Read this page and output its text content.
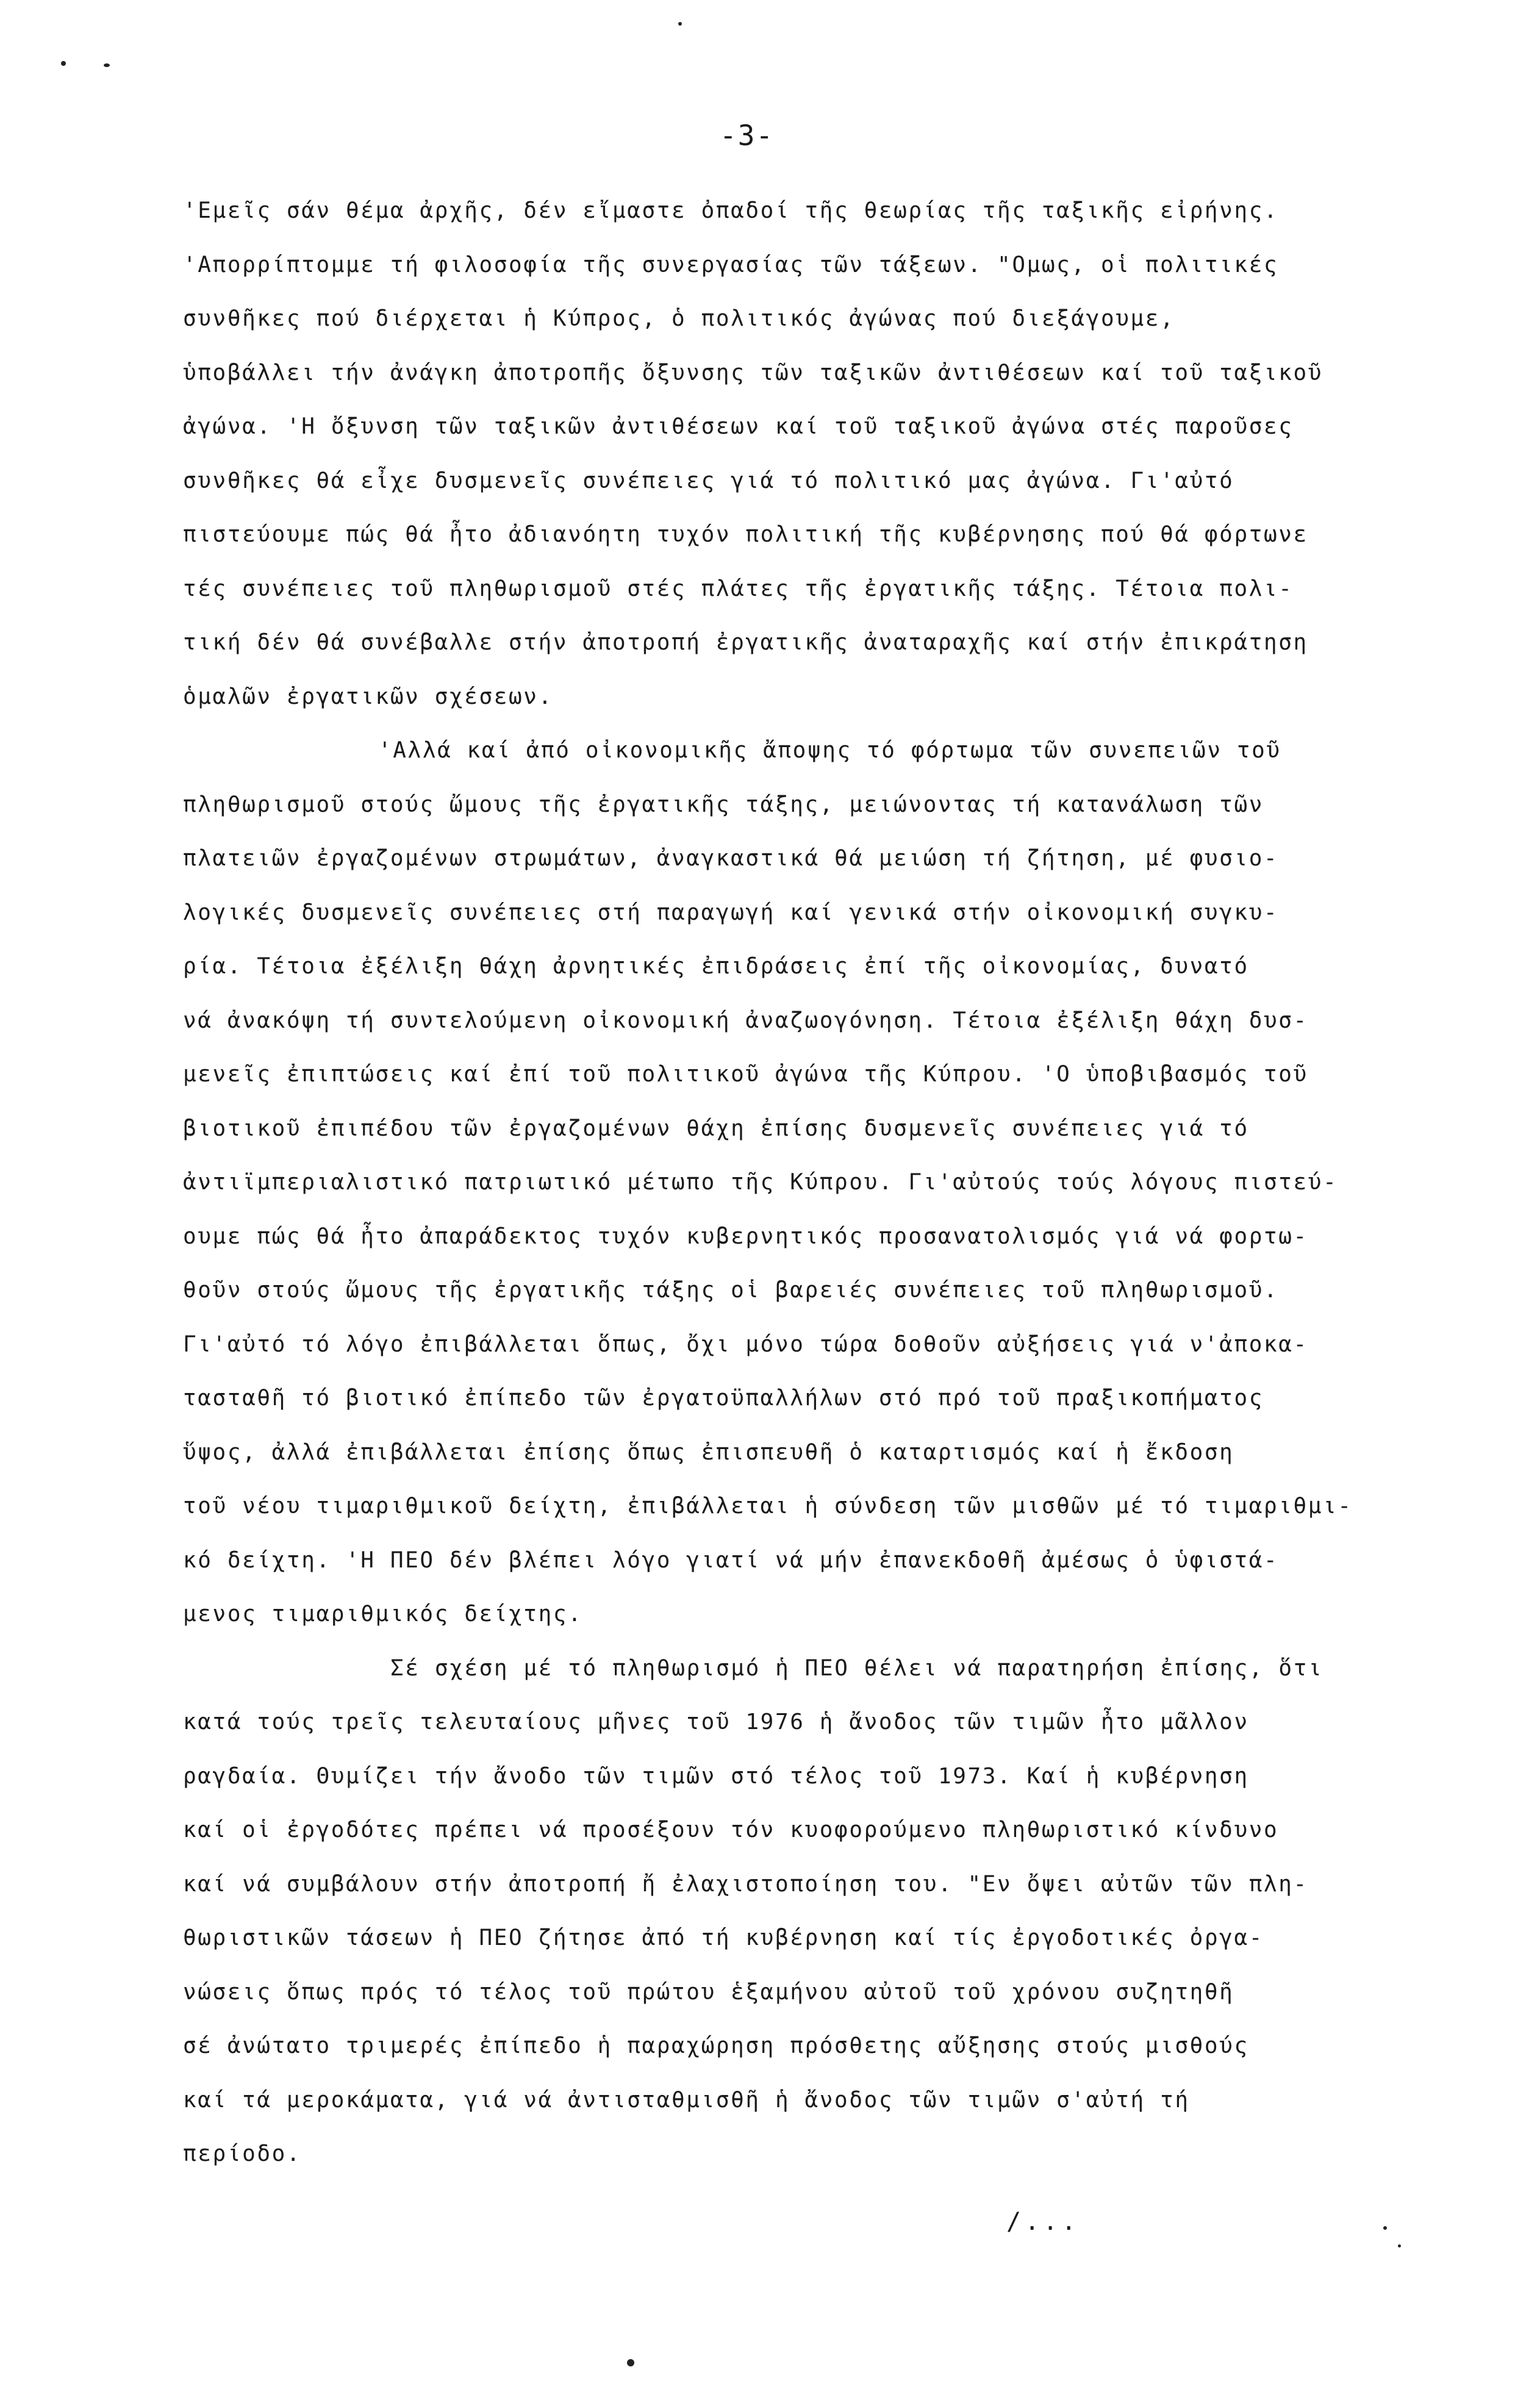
-3-
'Εμεῖς σάν θέμα ἀρχῆς, δέν εἴμαστε ὀπαδοί τῆς θεωρίας τῆς ταξικῆς εἰρήνης.
'Απορρίπτομμε τή φιλοσοφία τῆς συνεργασίας τῶν τάξεων. "Ομως, οἱ πολιτικές
συνθῆκες πού διέρχεται ἡ Κύπρος, ὁ πολιτικός ἀγώνας πού διεξάγουμε,
ὑποβάλλει τήν ἀνάγκη ἀποτροπῆς ὄξυνσης τῶν ταξικῶν ἀντιθέσεων καί τοῦ ταξικοῦ
ἀγώνα. 'Η ὄξυνση τῶν ταξικῶν ἀντιθέσεων καί τοῦ ταξικοῦ ἀγώνα στές παροῦσες
συνθῆκες θά εἶχε δυσμενεῖς συνέπειες γιά τό πολιτικό μας ἀγώνα. Γι'αὐτό
πιστεύουμε πώς θά ἦτο ἀδιανόητη τυχόν πολιτική τῆς κυβέρνησης πού θά φόρτωνε
τές συνέπειες τοῦ πληθωρισμοῦ στές πλάτες τῆς ἐργατικῆς τάξης. Τέτοια πολι-
τική δέν θά συνέβαλλε στήν ἀποτροπή ἐργατικῆς ἀναταραχῆς καί στήν ἐπικράτηση
ὁμαλῶν ἐργατικῶν σχέσεων.
'Αλλά καί ἀπό οἰκονομικῆς ἄποψης τό φόρτωμα τῶν συνεπειῶν τοῦ
πληθωρισμοῦ στούς ὤμους τῆς ἐργατικῆς τάξης, μειώνοντας τή κατανάλωση τῶν
πλατειῶν ἐργαζομένων στρωμάτων, ἀναγκαστικά θά μειώση τή ζήτηση, μέ φυσιο-
λογικές δυσμενεῖς συνέπειες στή παραγωγή καί γενικά στήν οἰκονομική συγκυ-
ρία. Τέτοια ἐξέλιξη θάχη ἀρνητικές ἐπιδράσεις ἐπί τῆς οἰκονομίας, δυνατό
νά ἀνακόψη τή συντελούμενη οἰκονομική ἀναζωογόνηση. Τέτοια ἐξέλιξη θάχη δυσ-
μενεῖς ἐπιπτώσεις καί ἐπί τοῦ πολιτικοῦ ἀγώνα τῆς Κύπρου. 'Ο ὑποβιβασμός τοῦ
βιοτικοῦ ἐπιπέδου τῶν ἐργαζομένων θάχη ἐπίσης δυσμενεῖς συνέπειες γιά τό
ἀντιϊμπεριαλιστικό πατριωτικό μέτωπο τῆς Κύπρου. Γι'αὐτούς τούς λόγους πιστεύ-
ουμε πώς θά ἦτο ἀπαράδεκτος τυχόν κυβερνητικός προσανατολισμός γιά νά φορτω-
θοῦν στούς ὤμους τῆς ἐργατικῆς τάξης οἱ βαρειές συνέπειες τοῦ πληθωρισμοῦ.
Γι'αὐτό τό λόγο ἐπιβάλλεται ὅπως, ὄχι μόνο τώρα δοθοῦν αὐξήσεις γιά ν'ἀποκα-
τασταθῆ τό βιοτικό ἐπίπεδο τῶν ἐργατοϋπαλλήλων στό πρό τοῦ πραξικοπήματος
ὕψος, ἀλλά ἐπιβάλλεται ἐπίσης ὅπως ἐπισπευθῆ ὁ καταρτισμός καί ἡ ἔκδοση
τοῦ νέου τιμαριθμικοῦ δείχτη, ἐπιβάλλεται ἡ σύνδεση τῶν μισθῶν μέ τό τιμαριθμι-
κό δείχτη. 'Η ΠΕΟ δέν βλέπει λόγο γιατί νά μήν ἐπανεκδοθῆ ἀμέσως ὁ ὑφιστά-
μενος τιμαριθμικός δείχτης.
Σέ σχέση μέ τό πληθωρισμό ἡ ΠΕΟ θέλει νά παρατηρήση ἐπίσης, ὅτι
κατά τούς τρεῖς τελευταίους μῆνες τοῦ 1976 ἡ ἄνοδος τῶν τιμῶν ἦτο μᾶλλον
ραγδαία. Θυμίζει τήν ἄνοδο τῶν τιμῶν στό τέλος τοῦ 1973. Καί ἡ κυβέρνηση
καί οἱ ἐργοδότες πρέπει νά προσέξουν τόν κυοφορούμενο πληθωριστικό κίνδυνο
καί νά συμβάλουν στήν ἀποτροπή ἤ ἐλαχιστοποίηση του. "Εν ὄψει αὐτῶν τῶν πλη-
θωριστικῶν τάσεων ἡ ΠΕΟ ζήτησε ἀπό τή κυβέρνηση καί τίς ἐργοδοτικές ὀργα-
νώσεις ὅπως πρός τό τέλος τοῦ πρώτου ἑξαμήνου αὐτοῦ τοῦ χρόνου συζητηθῆ
σέ ἀνώτατο τριμερές ἐπίπεδο ἡ παραχώρηση πρόσθετης αὔξησης στούς μισθούς
καί τά μεροκάματα, γιά νά ἀντισταθμισθῆ ἡ ἄνοδος τῶν τιμῶν σ'αὐτή τή
περίοδο.
/...
